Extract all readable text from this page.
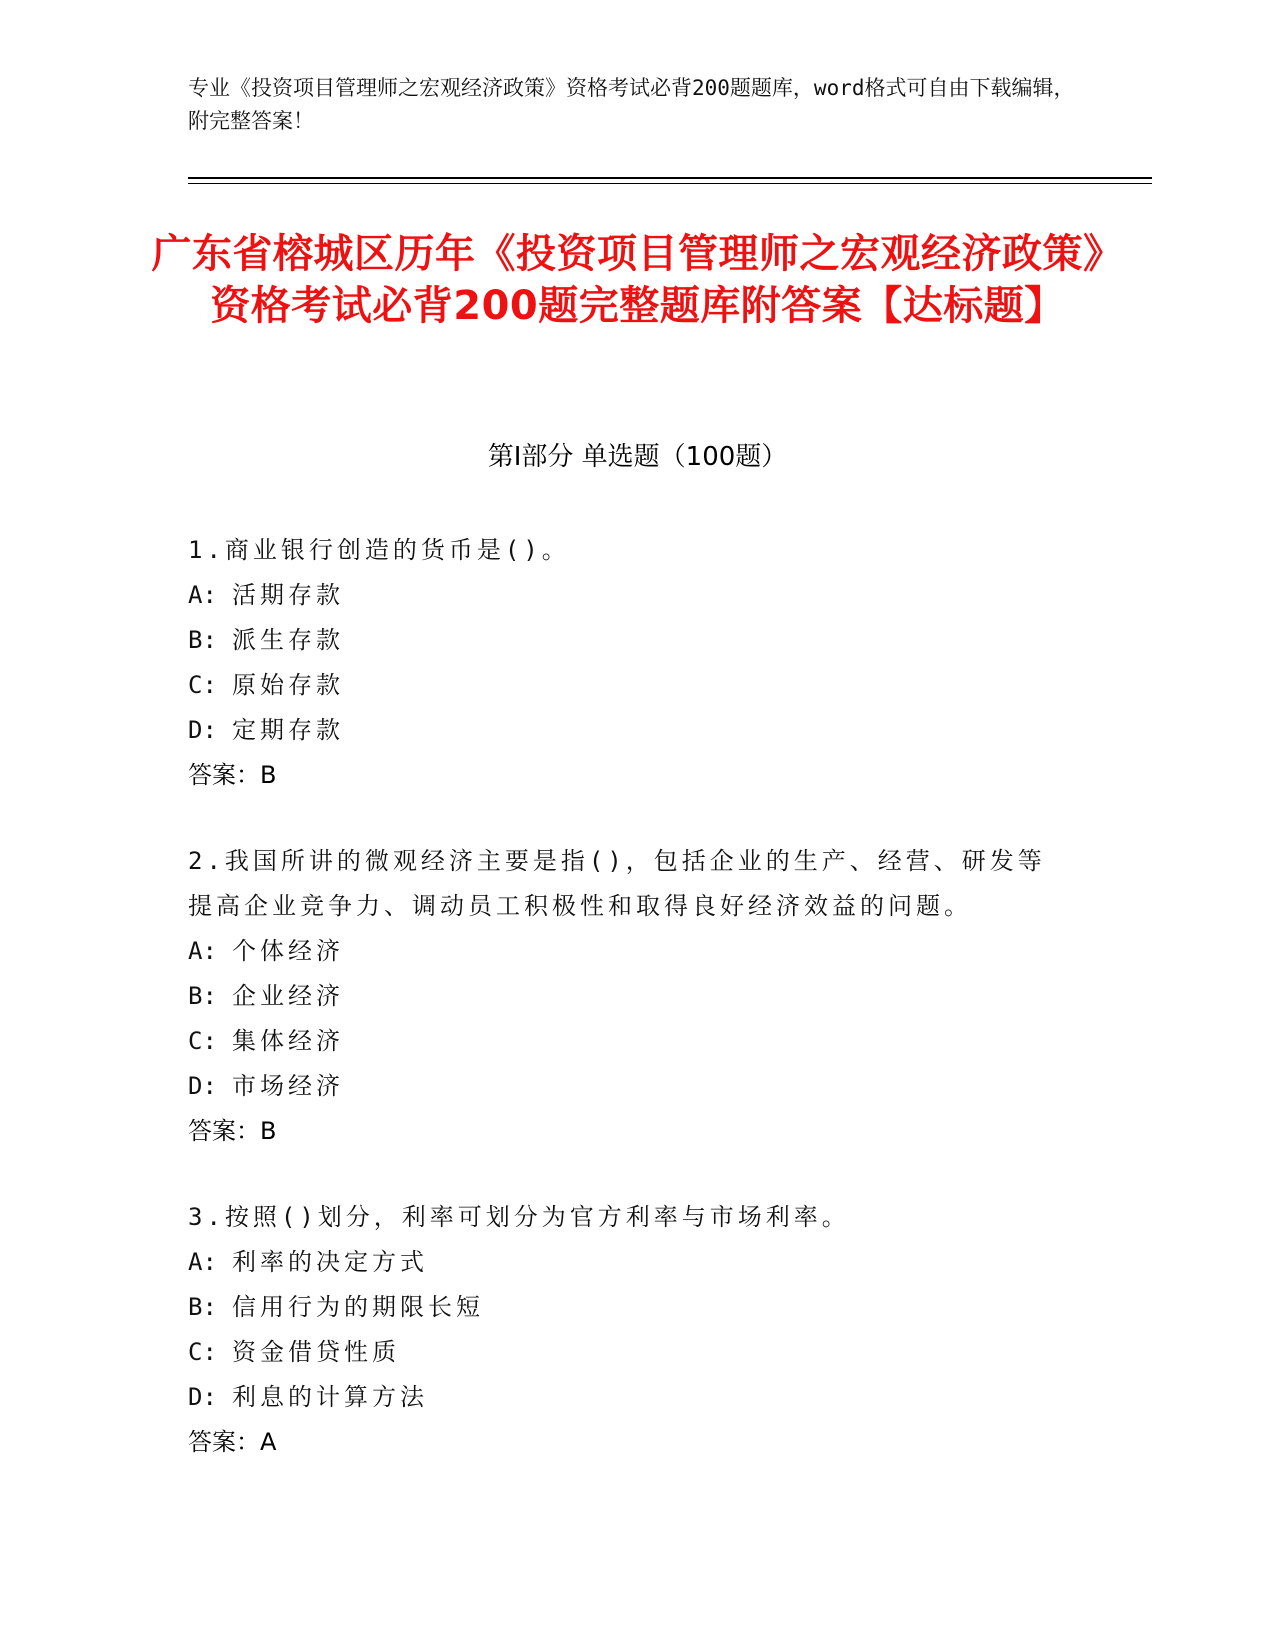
专业《投资项目管理师之宏观经济政策》资格考试必背200题题库，word格式可自由下载编辑，附完整答案！
广东省榕城区历年《投资项目管理师之宏观经济政策》资格考试必背200题完整题库附答案【达标题】
第Ⅰ部分 单选题（100题）
1.商业银行创造的货币是()。
A: 活期存款
B: 派生存款
C: 原始存款
D: 定期存款
答案：B
2.我国所讲的微观经济主要是指()，包括企业的生产、经营、研发等提高企业竞争力、调动员工积极性和取得良好经济效益的问题。
A: 个体经济
B: 企业经济
C: 集体经济
D: 市场经济
答案：B
3.按照()划分，利率可划分为官方利率与市场利率。
A: 利率的决定方式
B: 信用行为的期限长短
C: 资金借贷性质
D: 利息的计算方法
答案：A
